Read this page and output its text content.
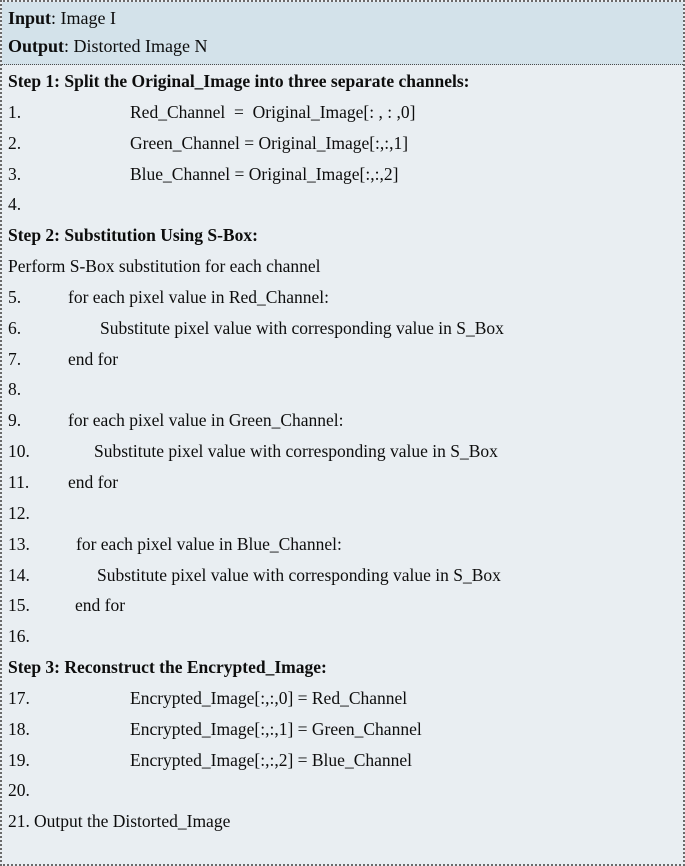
Input: Image I
Output: Distorted Image N

Step 1: Split the Original_Image into three separate channels:

1.

	Red_Channel  =  Original_Image[: , : ,0]

2.

	Green_Channel = Original_Image[:,:,1]

3.

	Blue_Channel = Original_Image[:,:,2]

4.

Step 2: Substitution Using S-Box:

Perform S-Box substitution for each channel

5.

	for each pixel value in Red_Channel:

6.

	Substitute pixel value with corresponding value in S_Box

7.

	end for

8.

9.

	for each pixel value in Green_Channel:

10.

	Substitute pixel value with corresponding value in S_Box

11.

end for

12.

13.

	for each pixel value in Blue_Channel:

14.

	Substitute pixel value with corresponding value in S_Box

15.

	end for

16.

Step 3: Reconstruct the Encrypted_Image:

17.

	Encrypted_Image[:,:,0] = Red_Channel

18.

	Encrypted_Image[:,:,1] = Green_Channel

19.

	Encrypted_Image[:,:,2] = Blue_Channel

20.

21.

Output the Distorted_Image
